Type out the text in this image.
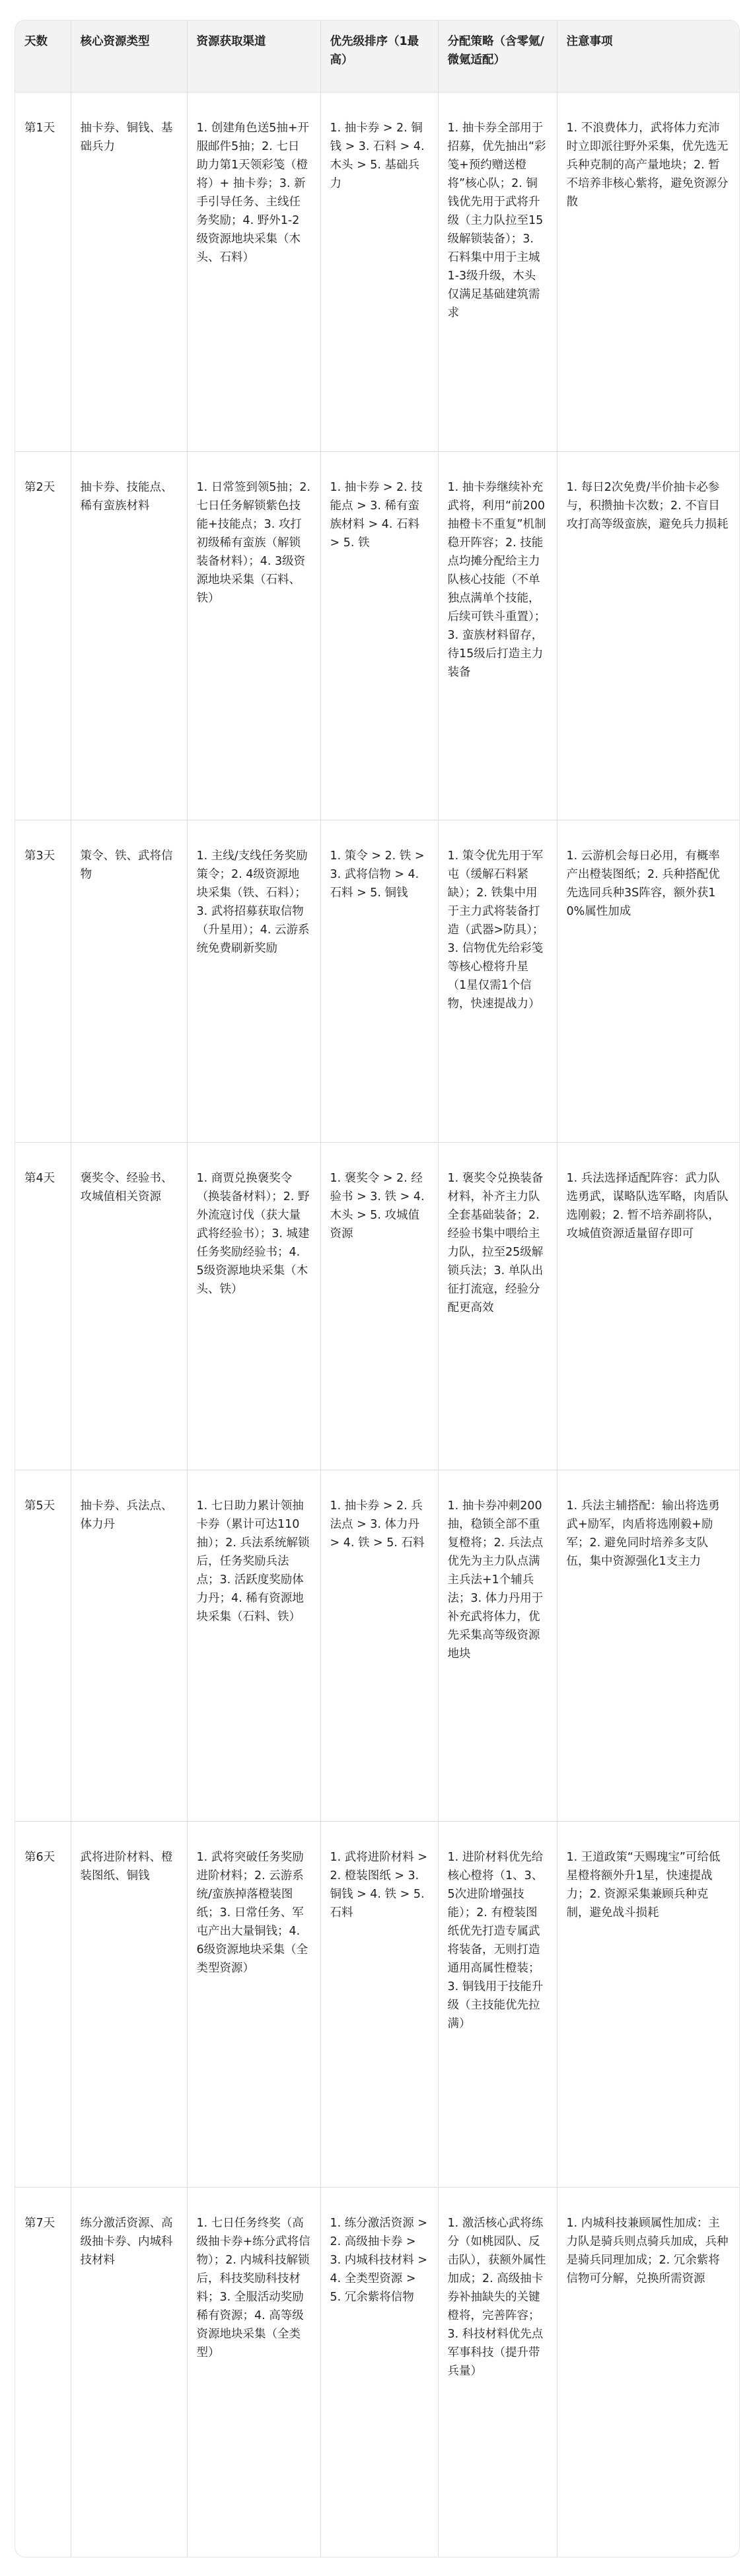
天数	核心资源类型	资源获取渠道	优先级排序（1最高）	分配策略（含零氪/微氪适配）	注意事项
第1天	抽卡券、铜钱、基础兵力	1. 创建角色送5抽+开服邮件5抽；2. 七日助力第1天领彩笺（橙将）+ 抽卡券；3. 新手引导任务、主线任务奖励；4. 野外1-2级资源地块采集（木头、石料）	1. 抽卡券 > 2. 铜钱 > 3. 石料 > 4. 木头 > 5. 基础兵力	1. 抽卡券全部用于招募，优先抽出“彩笺+预约赠送橙将”核心队；2. 铜钱优先用于武将升级（主力队拉至15级解锁装备）；3. 石料集中用于主城1-3级升级，木头仅满足基础建筑需求	1. 不浪费体力，武将体力充沛时立即派往野外采集，优先选无兵种克制的高产量地块；2. 暂不培养非核心紫将，避免资源分散
第2天	抽卡券、技能点、稀有蛮族材料	1. 日常签到领5抽；2. 七日任务解锁紫色技能+技能点；3. 攻打初级稀有蛮族（解锁装备材料）；4. 3级资源地块采集（石料、铁）	1. 抽卡券 > 2. 技能点 > 3. 稀有蛮族材料 > 4. 石料 > 5. 铁	1. 抽卡券继续补充武将，利用“前200抽橙卡不重复”机制稳开阵容；2. 技能点均摊分配给主力队核心技能（不单独点满单个技能，后续可铁斗重置）；3. 蛮族材料留存，待15级后打造主力装备	1. 每日2次免费/半价抽卡必参与，积攒抽卡次数；2. 不盲目攻打高等级蛮族，避免兵力损耗
第3天	策令、铁、武将信物	1. 主线/支线任务奖励策令；2. 4级资源地块采集（铁、石料）；3. 武将招募获取信物（升星用）；4. 云游系统免费刷新奖励	1. 策令 > 2. 铁 > 3. 武将信物 > 4. 石料 > 5. 铜钱	1. 策令优先用于军屯（缓解石料紧缺）；2. 铁集中用于主力武将装备打造（武器>防具）；3. 信物优先给彩笺等核心橙将升星（1星仅需1个信物，快速提战力）	1. 云游机会每日必用，有概率产出橙装图纸；2. 兵种搭配优先选同兵种3S阵容，额外获10%属性加成
第4天	褒奖令、经验书、攻城值相关资源	1. 商贾兑换褒奖令（换装备材料）；2. 野外流寇讨伐（获大量武将经验书）；3. 城建任务奖励经验书；4. 5级资源地块采集（木头、铁）	1. 褒奖令 > 2. 经验书 > 3. 铁 > 4. 木头 > 5. 攻城值资源	1. 褒奖令兑换装备材料，补齐主力队全套基础装备；2. 经验书集中喂给主力队，拉至25级解锁兵法；3. 单队出征打流寇，经验分配更高效	1. 兵法选择适配阵容：武力队选勇武，谋略队选军略，肉盾队选刚毅；2. 暂不培养副将队，攻城值资源适量留存即可
第5天	抽卡券、兵法点、体力丹	1. 七日助力累计领抽卡券（累计可达110抽）；2. 兵法系统解锁后，任务奖励兵法点；3. 活跃度奖励体力丹；4. 稀有资源地块采集（石料、铁）	1. 抽卡券 > 2. 兵法点 > 3. 体力丹 > 4. 铁 > 5. 石料	1. 抽卡券冲刺200抽，稳锁全部不重复橙将；2. 兵法点优先为主力队点满主兵法+1个辅兵法；3. 体力丹用于补充武将体力，优先采集高等级资源地块	1. 兵法主辅搭配：输出将选勇武+励军，肉盾将选刚毅+励军；2. 避免同时培养多支队伍，集中资源强化1支主力
第6天	武将进阶材料、橙装图纸、铜钱	1. 武将突破任务奖励进阶材料；2. 云游系统/蛮族掉落橙装图纸；3. 日常任务、军屯产出大量铜钱；4. 6级资源地块采集（全类型资源）	1. 武将进阶材料 > 2. 橙装图纸 > 3. 铜钱 > 4. 铁 > 5. 石料	1. 进阶材料优先给核心橙将（1、3、5次进阶增强技能）；2. 有橙装图纸优先打造专属武将装备，无则打造通用高属性橙装；3. 铜钱用于技能升级（主技能优先拉满）	1. 王道政策“天赐瑰宝”可给低星橙将额外升1星，快速提战力；2. 资源采集兼顾兵种克制，避免战斗损耗
第7天	练分激活资源、高级抽卡券、内城科技材料	1. 七日任务终奖（高级抽卡券+练分武将信物）；2. 内城科技解锁后，科技奖励科技材料；3. 全服活动奖励稀有资源；4. 高等级资源地块采集（全类型）	1. 练分激活资源 > 2. 高级抽卡券 > 3. 内城科技材料 > 4. 全类型资源 > 5. 冗余紫将信物	1. 激活核心武将练分（如桃园队、反击队），获额外属性加成；2. 高级抽卡券补抽缺失的关键橙将，完善阵容；3. 科技材料优先点军事科技（提升带兵量）	1. 内城科技兼顾属性加成：主力队是骑兵则点骑兵加成，兵种是骑兵同理加成；2. 冗余紫将信物可分解，兑换所需资源
